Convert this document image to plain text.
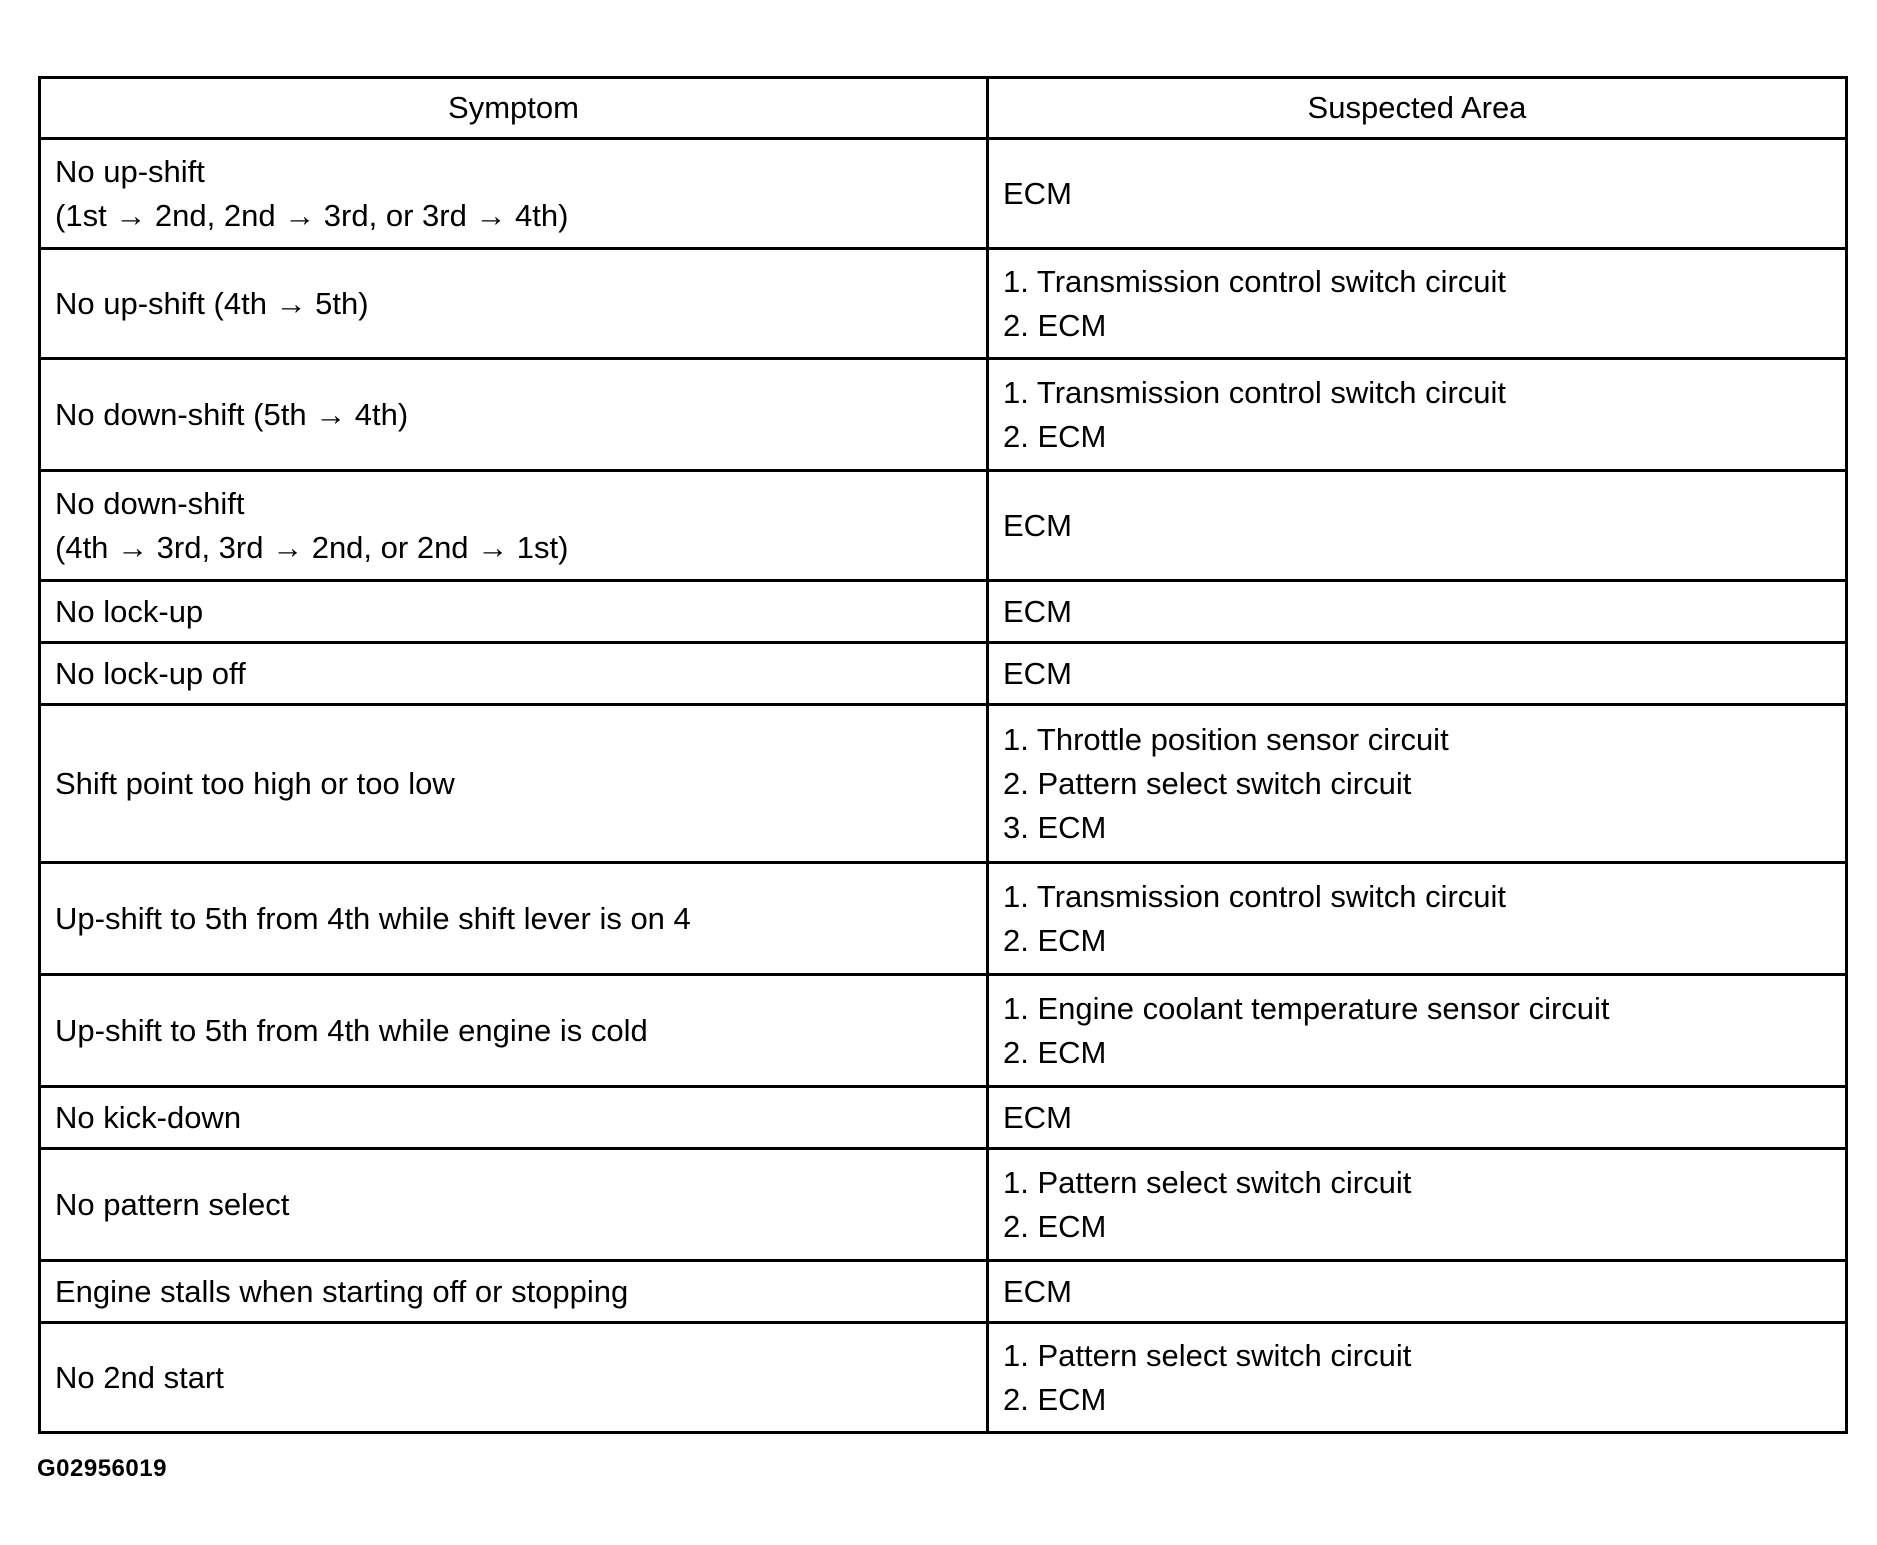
Symptom	Suspected Area

No up-shift
(1st → 2nd, 2nd → 3rd, or 3rd → 4th)	ECM

No up-shift (4th → 5th)	1. Transmission control switch circuit
2. ECM

No down-shift (5th → 4th)	1. Transmission control switch circuit
2. ECM

No down-shift
(4th → 3rd, 3rd → 2nd, or 2nd → 1st)	ECM

No lock-up	ECM

No lock-up off	ECM

Shift point too high or too low	1. Throttle position sensor circuit
2. Pattern select switch circuit
3. ECM

Up-shift to 5th from 4th while shift lever is on 4	1. Transmission control switch circuit
2. ECM

Up-shift to 5th from 4th while engine is cold	1. Engine coolant temperature sensor circuit
2. ECM

No kick-down	ECM

No pattern select	1. Pattern select switch circuit
2. ECM

Engine stalls when starting off or stopping	ECM

No 2nd start	1. Pattern select switch circuit
2. ECM
G02956019
